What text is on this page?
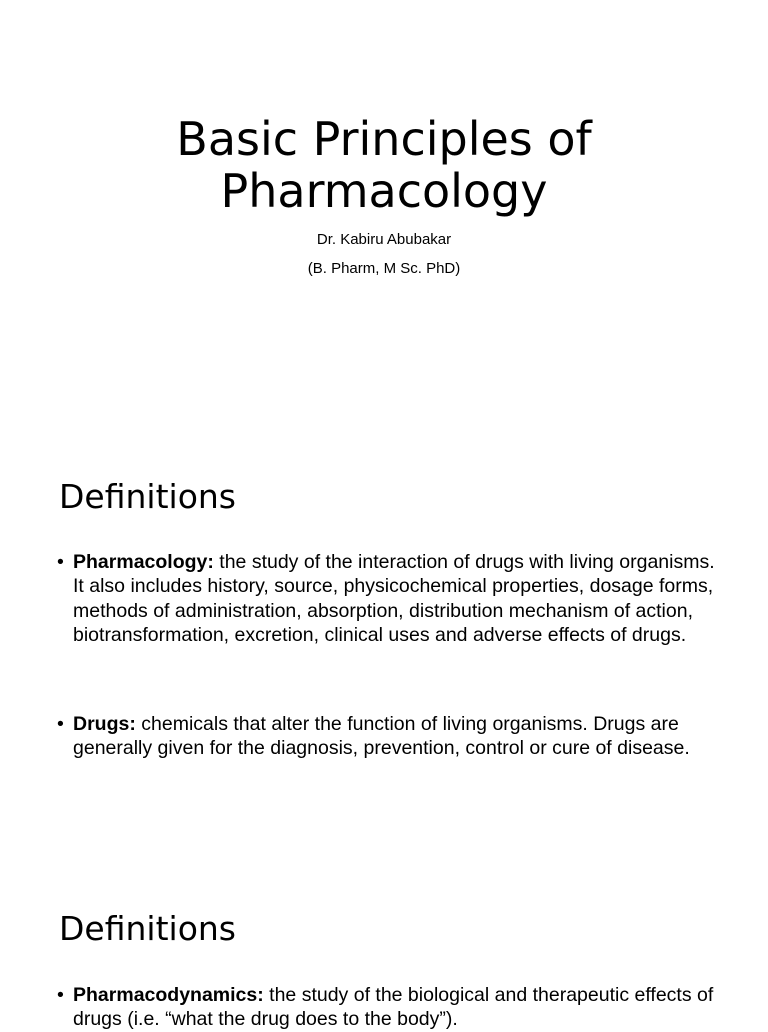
Basic Principles of
Pharmacology
Dr. Kabiru Abubakar
(B. Pharm, M Sc. PhD)
Definitions
• Pharmacology: the study of the interaction of drugs with living organisms. It also includes history, source, physicochemical properties, dosage forms, methods of administration, absorption, distribution mechanism of action, biotransformation, excretion, clinical uses and adverse effects of drugs.
• Drugs: chemicals that alter the function of living organisms. Drugs are generally given for the diagnosis, prevention, control or cure of disease.
Definitions
• Pharmacodynamics: the study of the biological and therapeutic effects of drugs (i.e. “what the drug does to the body”).
